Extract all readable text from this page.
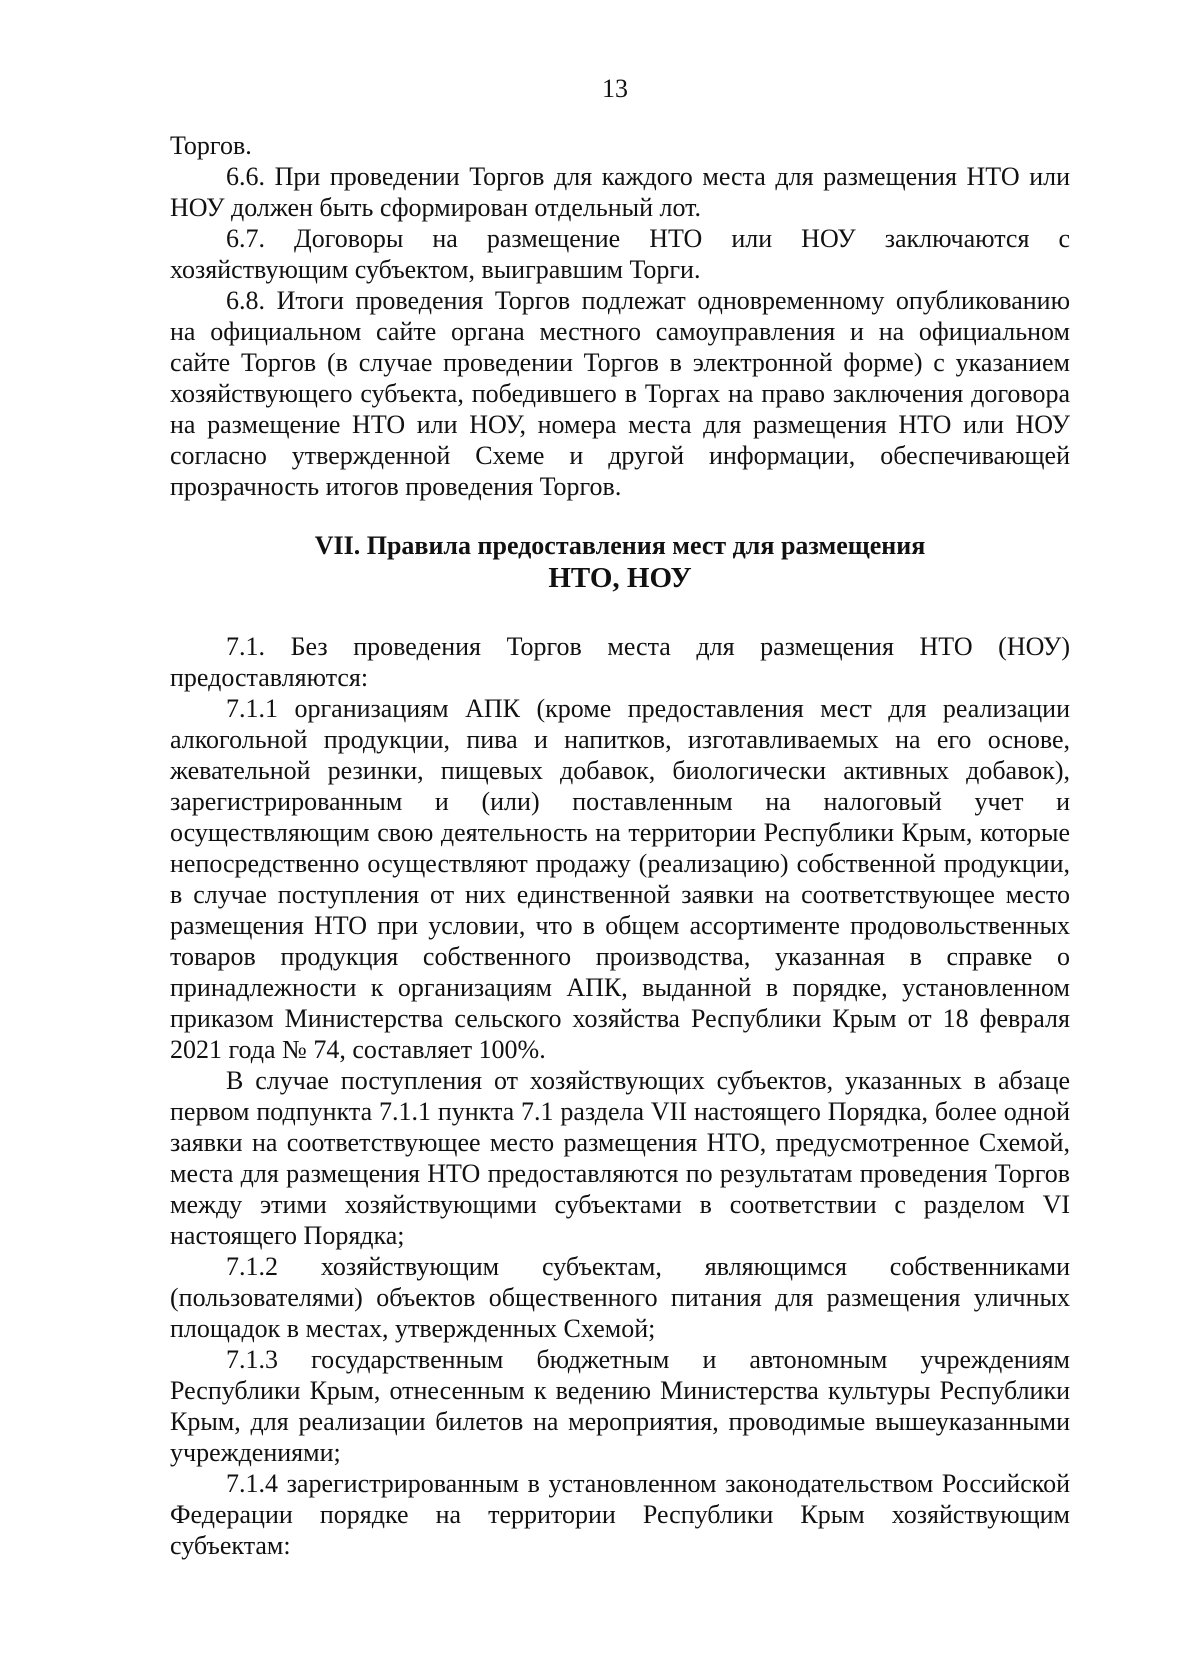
13

Торгов.

6.6. При проведении Торгов для каждого места для размещения НТО или НОУ должен быть сформирован отдельный лот.

6.7. Договоры на размещение НТО или НОУ заключаются с хозяйствующим субъектом, выигравшим Торги.

6.8. Итоги проведения Торгов подлежат одновременному опубликованию на официальном сайте органа местного самоуправления и на официальном сайте Торгов (в случае проведении Торгов в электронной форме) с указанием хозяйствующего субъекта, победившего в Торгах на право заключения договора на размещение НТО или НОУ, номера места для размещения НТО или НОУ согласно утвержденной Схеме и другой информации, обеспечивающей прозрачность итогов проведения Торгов.

VII. Правила предоставления мест для размещения
НТО, НОУ

7.1. Без проведения Торгов места для размещения НТО (НОУ) предоставляются:

7.1.1 организациям АПК (кроме предоставления мест для реализации алкогольной продукции, пива и напитков, изготавливаемых на его основе, жевательной резинки, пищевых добавок, биологически активных добавок), зарегистрированным и (или) поставленным на налоговый учет и осуществляющим свою деятельность на территории Республики Крым, которые непосредственно осуществляют продажу (реализацию) собственной продукции, в случае поступления от них единственной заявки на соответствующее место размещения НТО при условии, что в общем ассортименте продовольственных товаров продукция собственного производства, указанная в справке о принадлежности к организациям АПК, выданной в порядке, установленном приказом Министерства сельского хозяйства Республики Крым от 18 февраля 2021 года № 74, составляет 100%.

В случае поступления от хозяйствующих субъектов, указанных в абзаце первом подпункта 7.1.1 пункта 7.1 раздела VII настоящего Порядка, более одной заявки на соответствующее место размещения НТО, предусмотренное Схемой, места для размещения НТО предоставляются по результатам проведения Торгов между этими хозяйствующими субъектами в соответствии с разделом VI настоящего Порядка;

7.1.2 хозяйствующим субъектам, являющимся собственниками (пользователями) объектов общественного питания для размещения уличных площадок в местах, утвержденных Схемой;

7.1.3 государственным бюджетным и автономным учреждениям Республики Крым, отнесенным к ведению Министерства культуры Республики Крым, для реализации билетов на мероприятия, проводимые вышеуказанными учреждениями;

7.1.4 зарегистрированным в установленном законодательством Российской Федерации порядке на территории Республики Крым хозяйствующим субъектам:
